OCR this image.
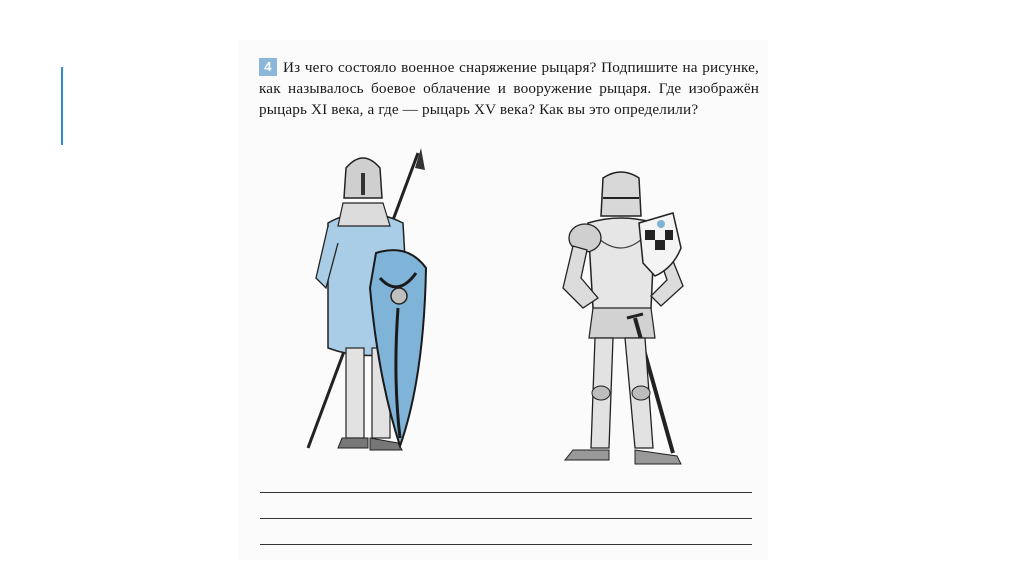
4 Из чего состояло военное снаряжение рыцаря? Подпишите на рисунке, как называлось боевое облачение и вооружение рыцаря. Где изображён рыцарь XI века, а где — рыцарь XV века? Как вы это определили?
